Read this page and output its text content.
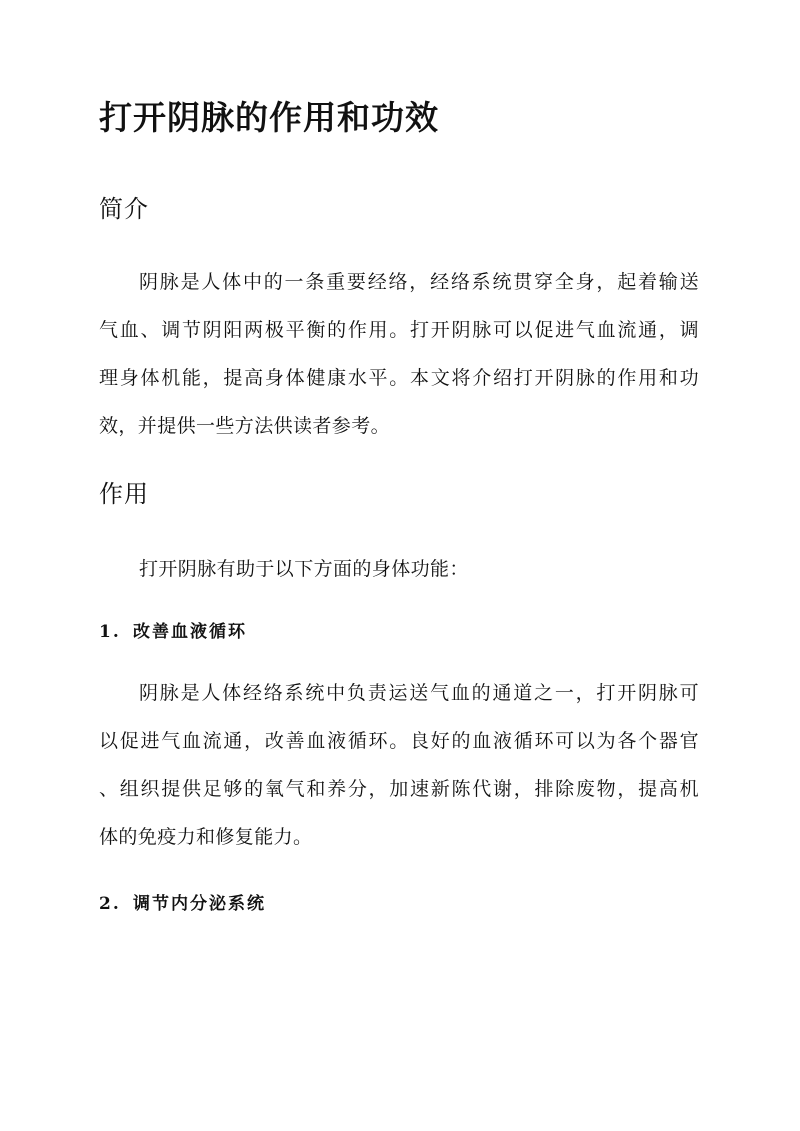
打开阴脉的作用和功效
简介
阴脉是人体中的一条重要经络，经络系统贯穿全身，起着输送
气血、调节阴阳两极平衡的作用。打开阴脉可以促进气血流通，调
理身体机能，提高身体健康水平。本文将介绍打开阴脉的作用和功
效，并提供一些方法供读者参考。
作用
打开阴脉有助于以下方面的身体功能：
1. 改善血液循环
阴脉是人体经络系统中负责运送气血的通道之一，打开阴脉可
以促进气血流通，改善血液循环。良好的血液循环可以为各个器官
、组织提供足够的氧气和养分，加速新陈代谢，排除废物，提高机
体的免疫力和修复能力。
2. 调节内分泌系统
